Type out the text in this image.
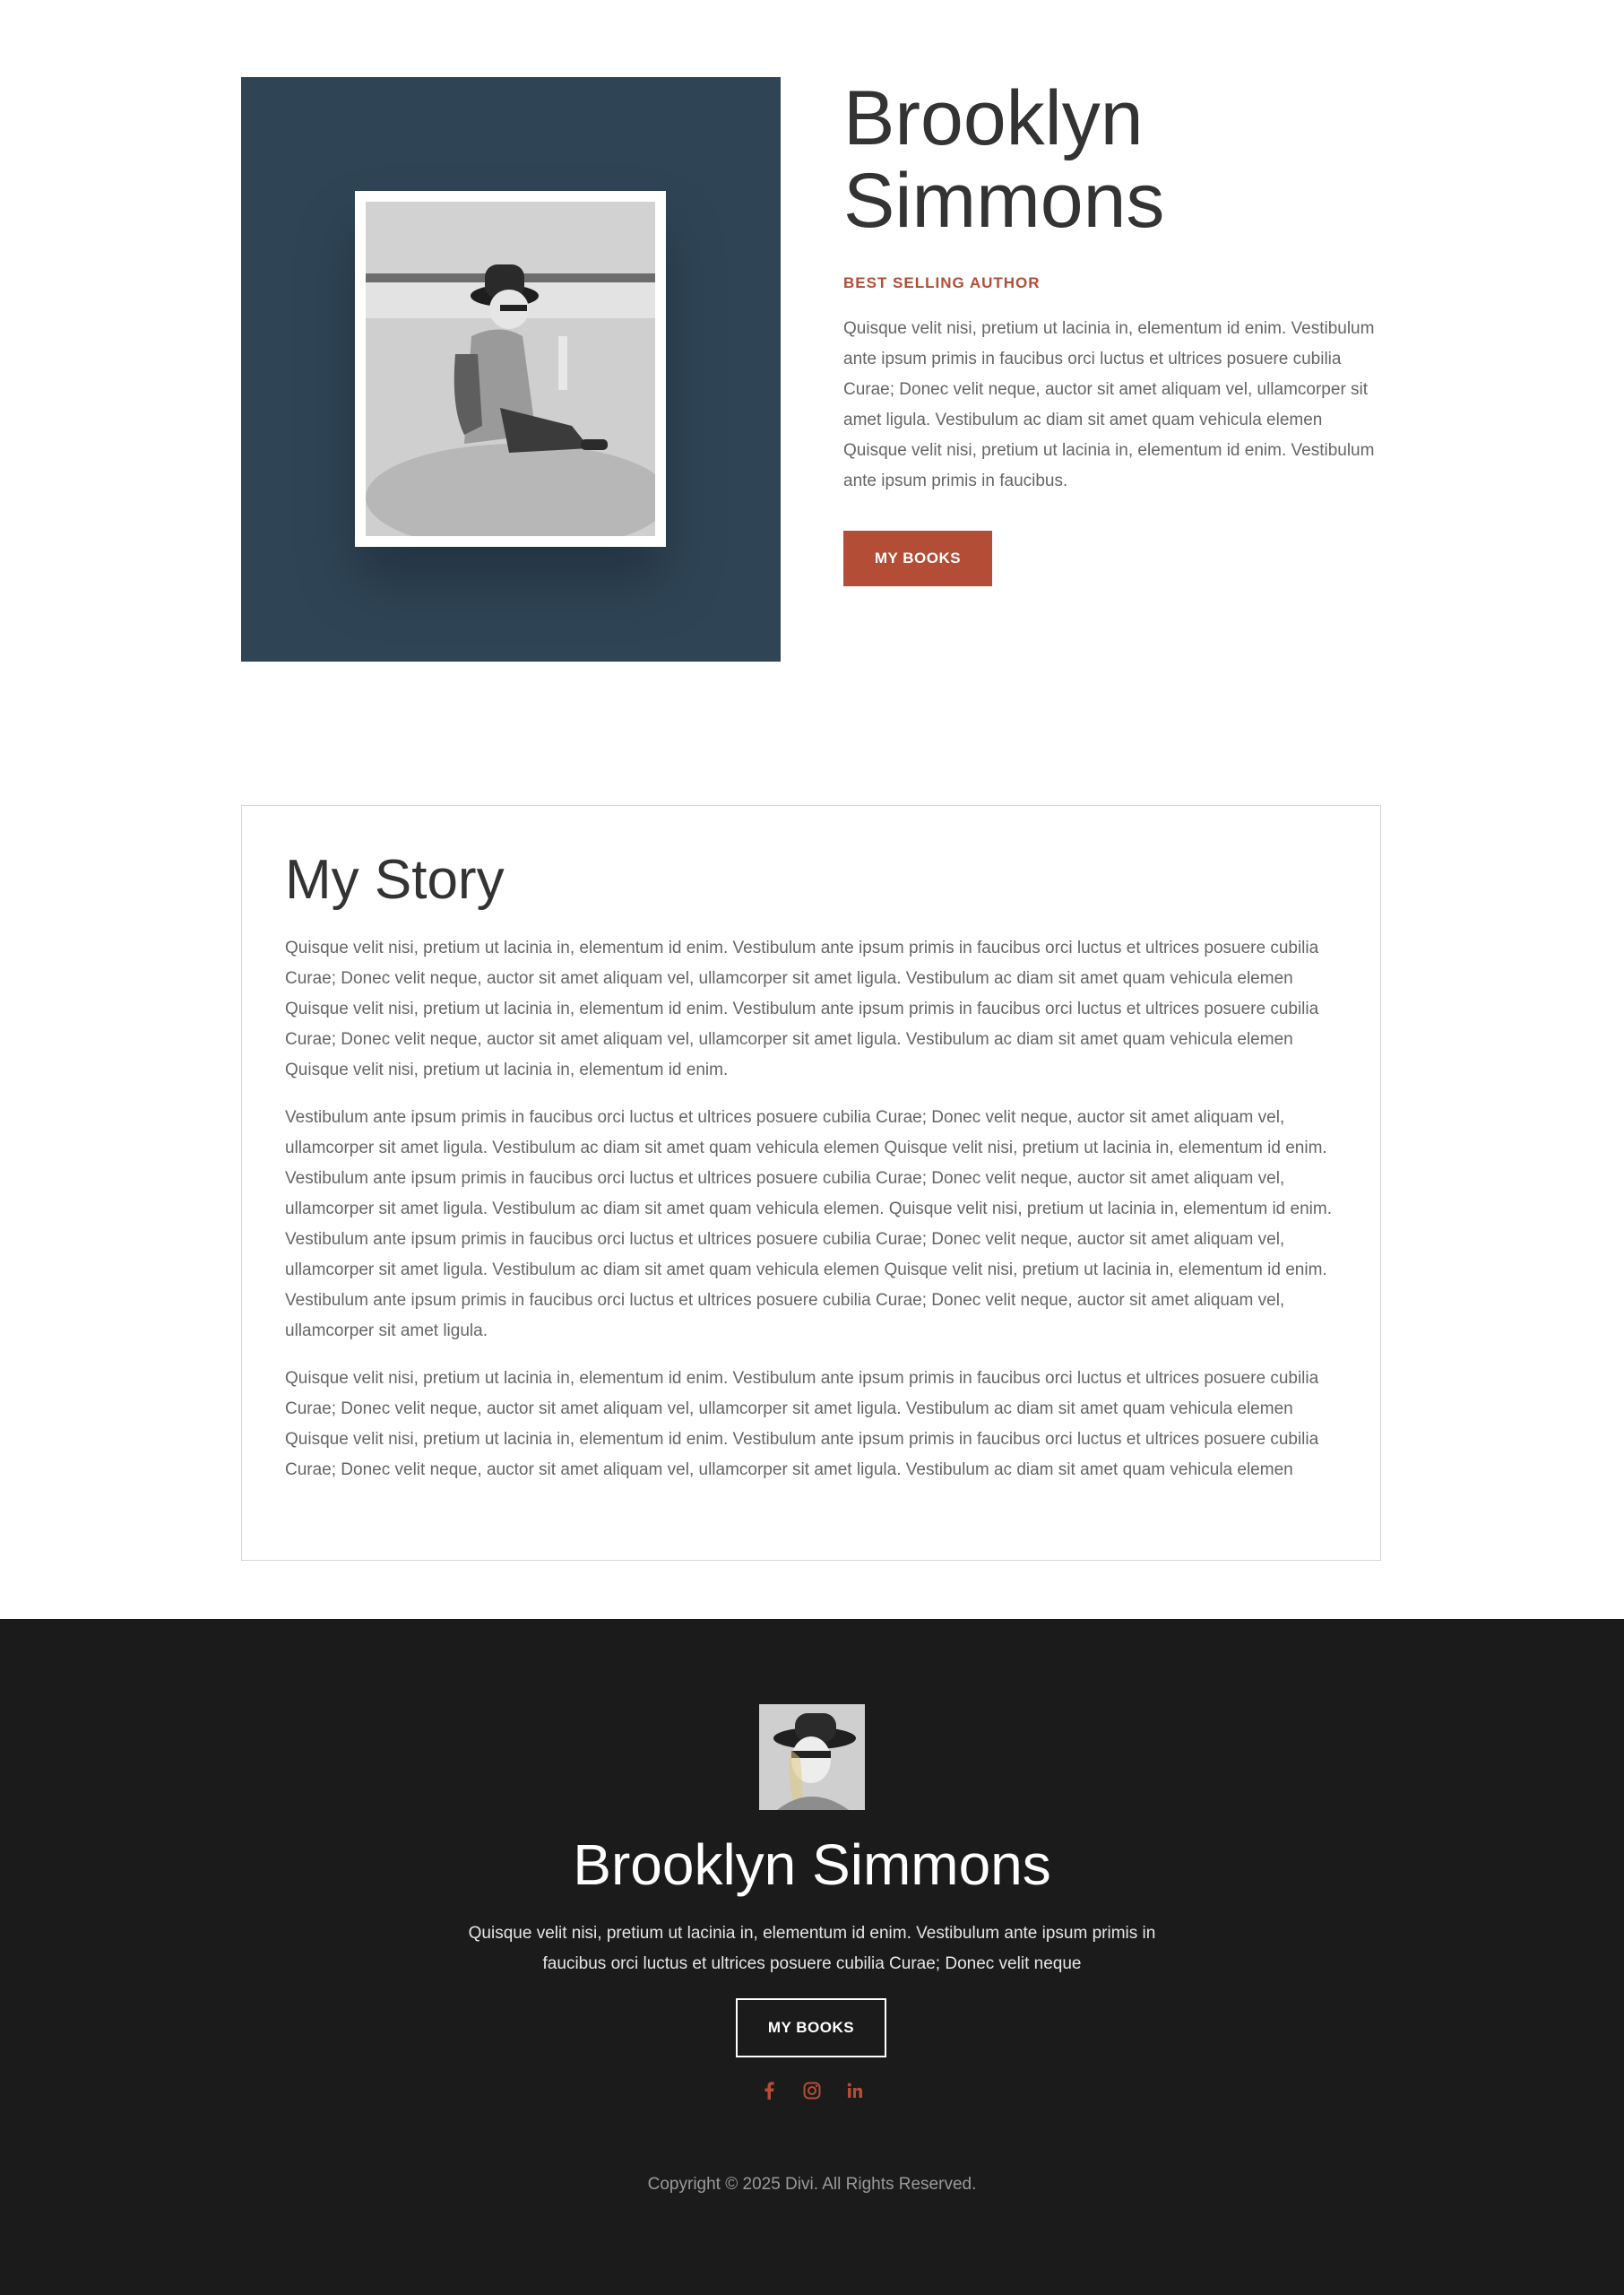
Brooklyn
Simmons

BEST SELLING AUTHOR

Quisque velit nisi, pretium ut lacinia in, elementum id enim. Vestibulum ante ipsum primis in faucibus orci luctus et ultrices posuere cubilia Curae; Donec velit neque, auctor sit amet aliquam vel, ullamcorper sit amet ligula. Vestibulum ac diam sit amet quam vehicula elemen Quisque velit nisi, pretium ut lacinia in, elementum id enim. Vestibulum ante ipsum primis in faucibus.

MY BOOKS
My Story

Quisque velit nisi, pretium ut lacinia in, elementum id enim. Vestibulum ante ipsum primis in faucibus orci luctus et ultrices posuere cubilia Curae; Donec velit neque, auctor sit amet aliquam vel, ullamcorper sit amet ligula. Vestibulum ac diam sit amet quam vehicula elemen Quisque velit nisi, pretium ut lacinia in, elementum id enim. Vestibulum ante ipsum primis in faucibus orci luctus et ultrices posuere cubilia Curae; Donec velit neque, auctor sit amet aliquam vel, ullamcorper sit amet ligula. Vestibulum ac diam sit amet quam vehicula elemen Quisque velit nisi, pretium ut lacinia in, elementum id enim.

Vestibulum ante ipsum primis in faucibus orci luctus et ultrices posuere cubilia Curae; Donec velit neque, auctor sit amet aliquam vel, ullamcorper sit amet ligula. Vestibulum ac diam sit amet quam vehicula elemen Quisque velit nisi, pretium ut lacinia in, elementum id enim. Vestibulum ante ipsum primis in faucibus orci luctus et ultrices posuere cubilia Curae; Donec velit neque, auctor sit amet aliquam vel, ullamcorper sit amet ligula. Vestibulum ac diam sit amet quam vehicula elemen. Quisque velit nisi, pretium ut lacinia in, elementum id enim. Vestibulum ante ipsum primis in faucibus orci luctus et ultrices posuere cubilia Curae; Donec velit neque, auctor sit amet aliquam vel, ullamcorper sit amet ligula. Vestibulum ac diam sit amet quam vehicula elemen Quisque velit nisi, pretium ut lacinia in, elementum id enim. Vestibulum ante ipsum primis in faucibus orci luctus et ultrices posuere cubilia Curae; Donec velit neque, auctor sit amet aliquam vel, ullamcorper sit amet ligula.

Quisque velit nisi, pretium ut lacinia in, elementum id enim. Vestibulum ante ipsum primis in faucibus orci luctus et ultrices posuere cubilia Curae; Donec velit neque, auctor sit amet aliquam vel, ullamcorper sit amet ligula. Vestibulum ac diam sit amet quam vehicula elemen Quisque velit nisi, pretium ut lacinia in, elementum id enim. Vestibulum ante ipsum primis in faucibus orci luctus et ultrices posuere cubilia Curae; Donec velit neque, auctor sit amet aliquam vel, ullamcorper sit amet ligula. Vestibulum ac diam sit amet quam vehicula elemen

Brooklyn Simmons

Quisque velit nisi, pretium ut lacinia in, elementum id enim. Vestibulum ante ipsum primis in faucibus orci luctus et ultrices posuere cubilia Curae; Donec velit neque

MY BOOKS
Copyright © 2025 Divi. All Rights Reserved.
